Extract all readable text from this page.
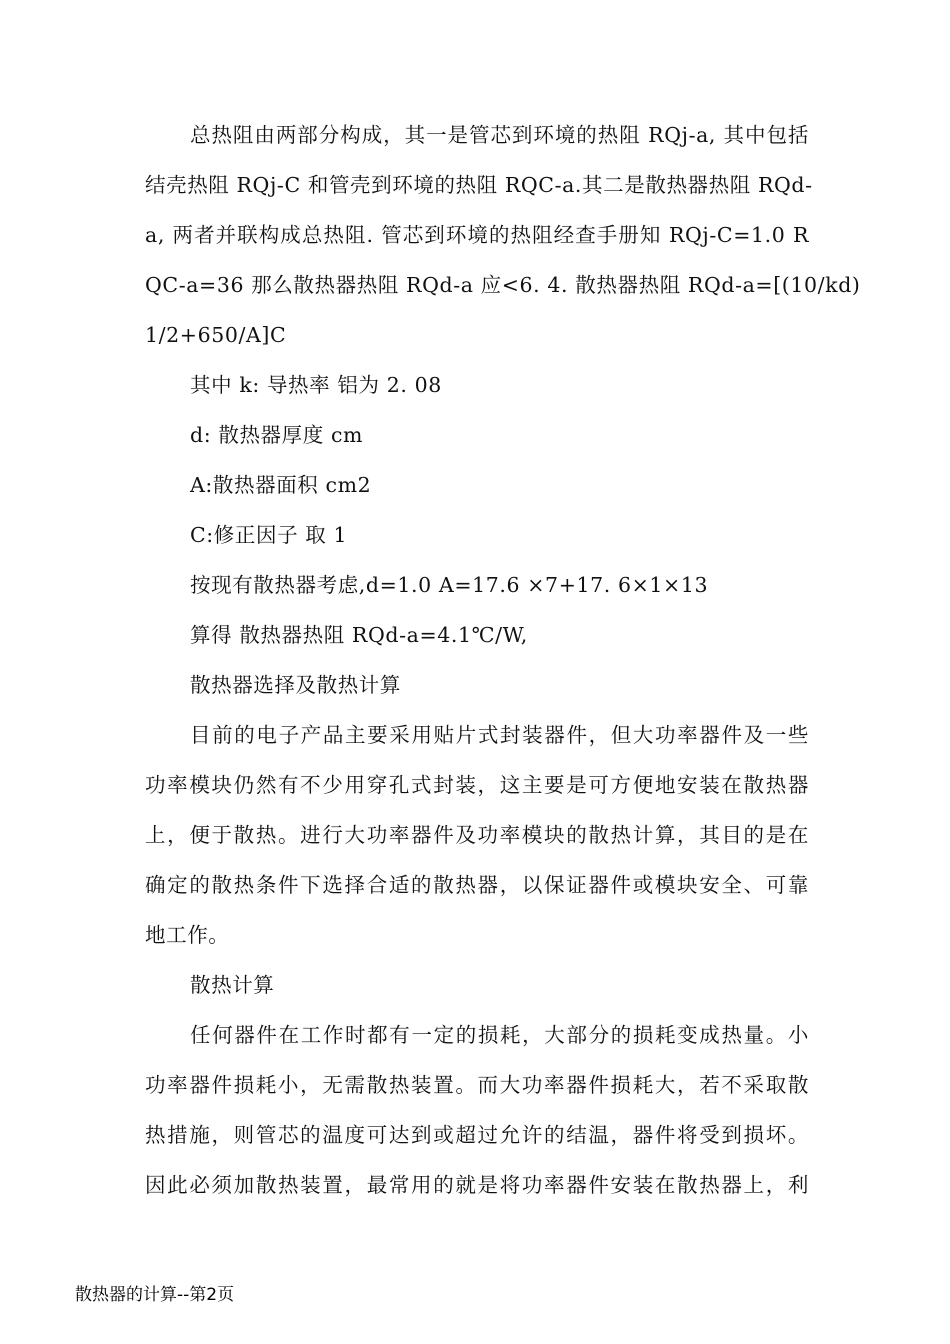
总热阻由两部分构成，其一是管芯到环境的热阻 RQj-a, 其中包括
结壳热阻 RQj-C 和管壳到环境的热阻 RQC-a.其二是散热器热阻 RQd-
a, 两者并联构成总热阻. 管芯到环境的热阻经查手册知 RQj-C=1.0 R
QC-a=36 那么散热器热阻 RQd-a 应<6. 4. 散热器热阻 RQd-a=[(10/kd)
1/2+650/A]C
其中 k: 导热率 铝为 2. 08
d: 散热器厚度 cm
A:散热器面积 cm2
C:修正因子 取 1
按现有散热器考虑,d=1.0 A=17.6 ×7+17. 6×1×13
算得 散热器热阻 RQd-a=4.1℃/W,
散热器选择及散热计算
目前的电子产品主要采用贴片式封装器件，但大功率器件及一些
功率模块仍然有不少用穿孔式封装，这主要是可方便地安装在散热器
上，便于散热。进行大功率器件及功率模块的散热计算，其目的是在
确定的散热条件下选择合适的散热器，以保证器件或模块安全、可靠
地工作。
散热计算
任何器件在工作时都有一定的损耗，大部分的损耗变成热量。小
功率器件损耗小，无需散热装置。而大功率器件损耗大，若不采取散
热措施，则管芯的温度可达到或超过允许的结温，器件将受到损坏。
因此必须加散热装置，最常用的就是将功率器件安装在散热器上，利
散热器的计算--第2页
